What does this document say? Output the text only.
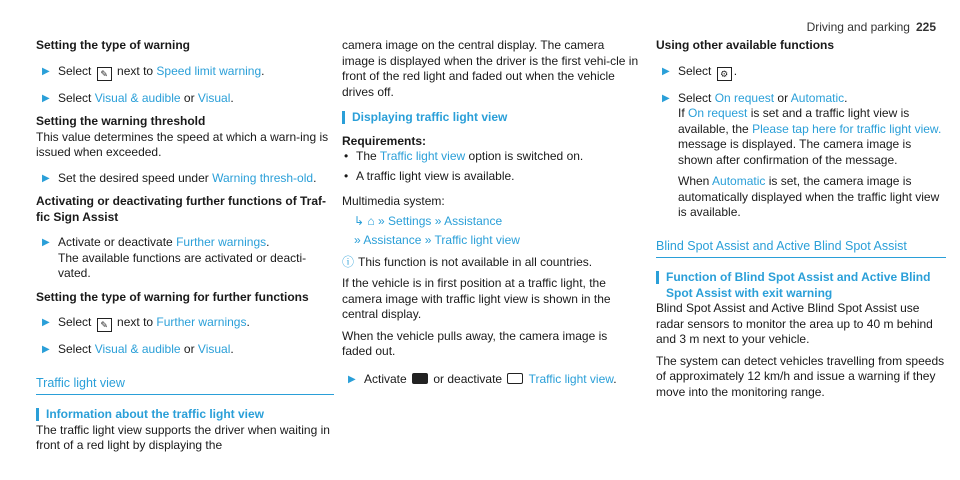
Driving and parking 225

Setting the type of warning

▶ Select ✎ next to Speed limit warning.

▶ Select Visual & audible or Visual.

Setting the warning threshold

This value determines the speed at which a warn-ing is issued when exceeded.

▶ Set the desired speed under Warning thresh-old.

Activating or deactivating further functions of Traf-fic Sign Assist

▶ Activate or deactivate Further warnings.
The available functions are activated or deacti-vated.

Setting the type of warning for further functions

▶ Select ✎ next to Further warnings.

▶ Select Visual & audible or Visual.

Traffic light view

Information about the traffic light view

The traffic light view supports the driver when waiting in front of a red light by displaying the

camera image on the central display. The camera image is displayed when the driver is the first vehi-cle in front of the red light and faded out when the vehicle drives off.

Displaying traffic light view

Requirements:

• The Traffic light view option is switched on.

• A traffic light view is available.

Multimedia system:

↳ ⌂ » Settings » Assistance

» Assistance » Traffic light view

ⓘ This function is not available in all countries.

If the vehicle is in first position at a traffic light, the camera image with traffic light view is shown in the central display.

When the vehicle pulls away, the camera image is faded out.

▶ Activate or deactivate Traffic light view.

Using other available functions

▶ Select ⚙ .

▶ Select On request or Automatic.
If On request is set and a traffic light view is available, the Please tap here for traffic light view. message is displayed. The camera image is shown after confirmation of the message.

When Automatic is set, the camera image is automatically displayed when the traffic light view is available.

Blind Spot Assist and Active Blind Spot Assist

Function of Blind Spot Assist and Active Blind Spot Assist with exit warning

Blind Spot Assist and Active Blind Spot Assist use radar sensors to monitor the area up to 40 m behind and 3 m next to your vehicle.

The system can detect vehicles travelling from speeds of approximately 12 km/h and issue a warning if they move into the monitoring range.
